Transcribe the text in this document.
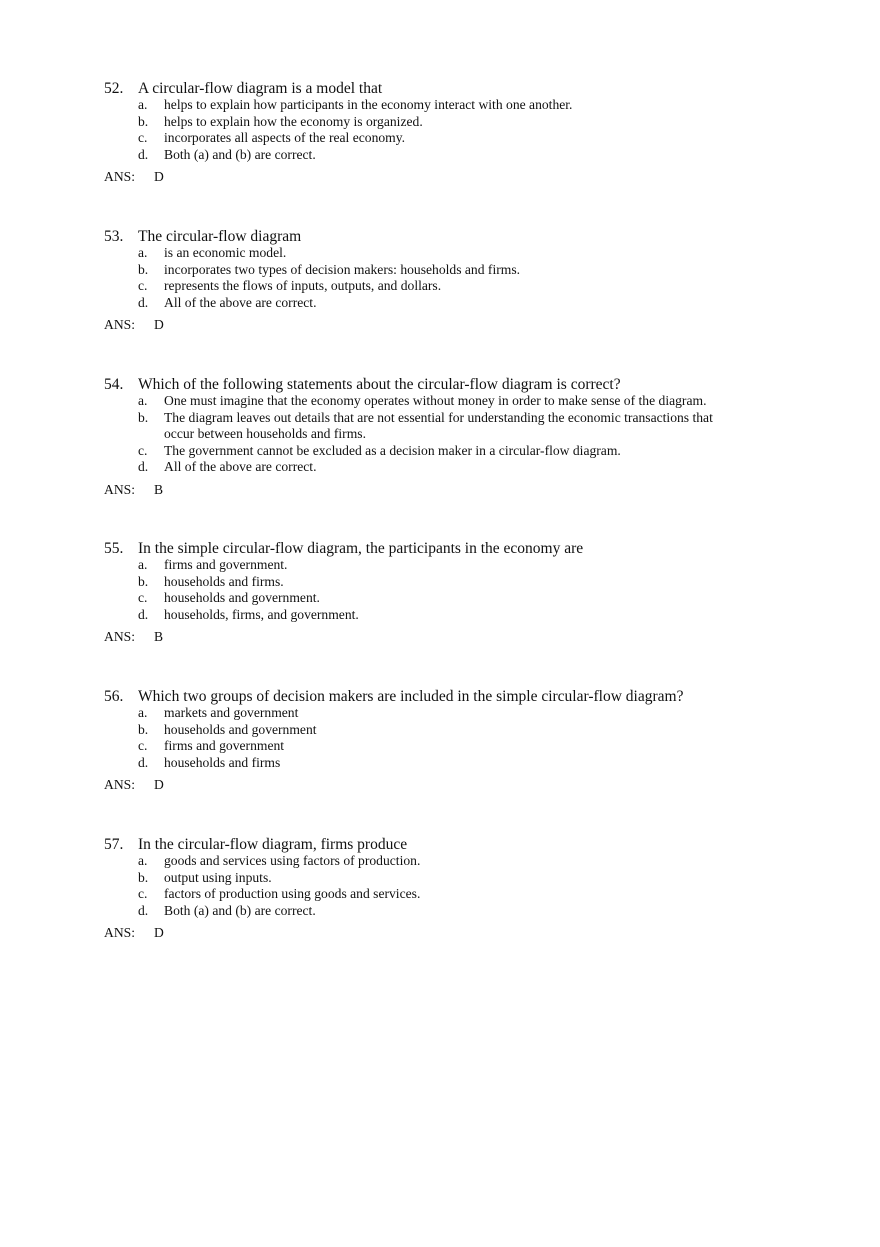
52. A circular-flow diagram is a model that
a.	helps to explain how participants in the economy interact with one another.
b.	helps to explain how the economy is organized.
c.	incorporates all aspects of the real economy.
d.	Both (a) and (b) are correct.
ANS:	D
53. The circular-flow diagram
a.	is an economic model.
b.	incorporates two types of decision makers: households and firms.
c.	represents the flows of inputs, outputs, and dollars.
d.	All of the above are correct.
ANS:	D
54. Which of the following statements about the circular-flow diagram is correct?
a.	One must imagine that the economy operates without money in order to make sense of the diagram.
b.	The diagram leaves out details that are not essential for understanding the economic transactions that occur between households and firms.
c.	The government cannot be excluded as a decision maker in a circular-flow diagram.
d.	All of the above are correct.
ANS:	B
55. In the simple circular-flow diagram, the participants in the economy are
a.	firms and government.
b.	households and firms.
c.	households and government.
d.	households, firms, and government.
ANS:	B
56. Which two groups of decision makers are included in the simple circular-flow diagram?
a.	markets and government
b.	households and government
c.	firms and government
d.	households and firms
ANS:	D
57. In the circular-flow diagram, firms produce
a.	goods and services using factors of production.
b.	output using inputs.
c.	factors of production using goods and services.
d.	Both (a) and (b) are correct.
ANS:	D
